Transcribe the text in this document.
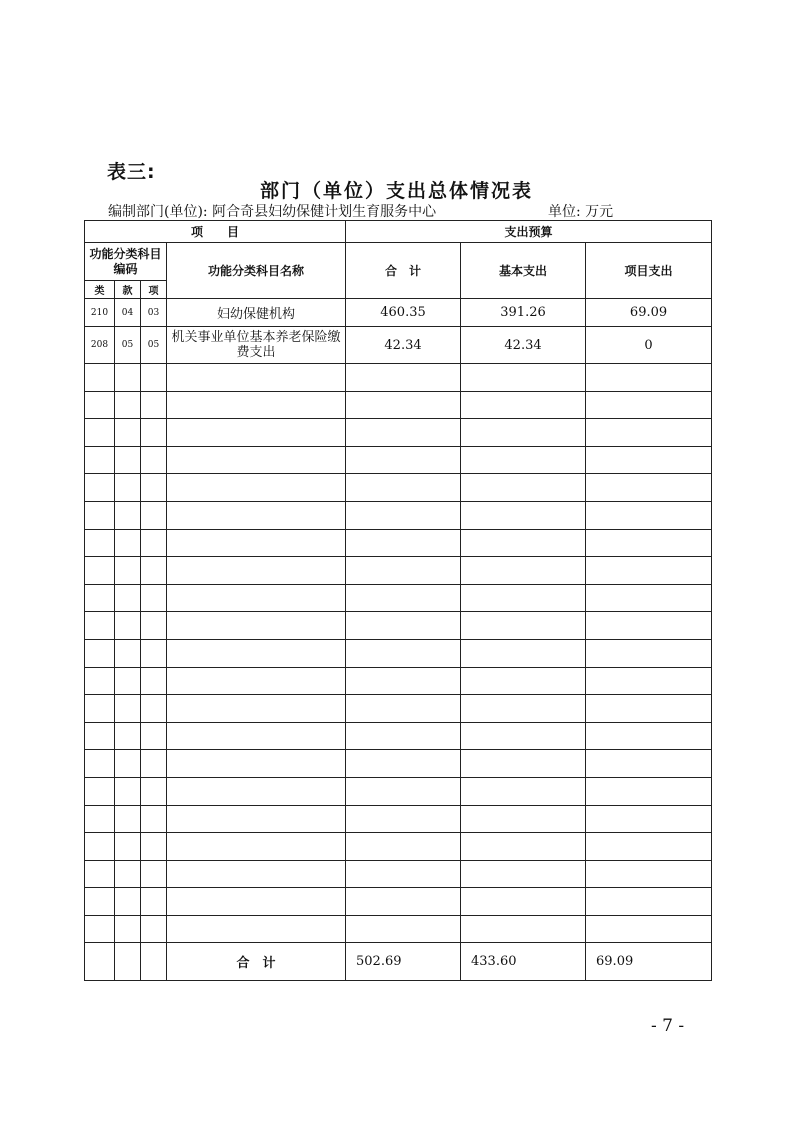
表三:
部门（单位）支出总体情况表
编制部门(单位): 阿合奇县妇幼保健计划生育服务中心	单位: 万元
项　　目				支出预算		
功能分类科目编码			功能分类科目名称	合　计	基本支出	项目支出
类	款	项				
210	04	03	妇幼保健机构	460.35	391.26	69.09
208	05	05	机关事业单位基本养老保险缴费支出	42.34	42.34	0

			合　计	502.69	433.60	69.09
- 7 -
